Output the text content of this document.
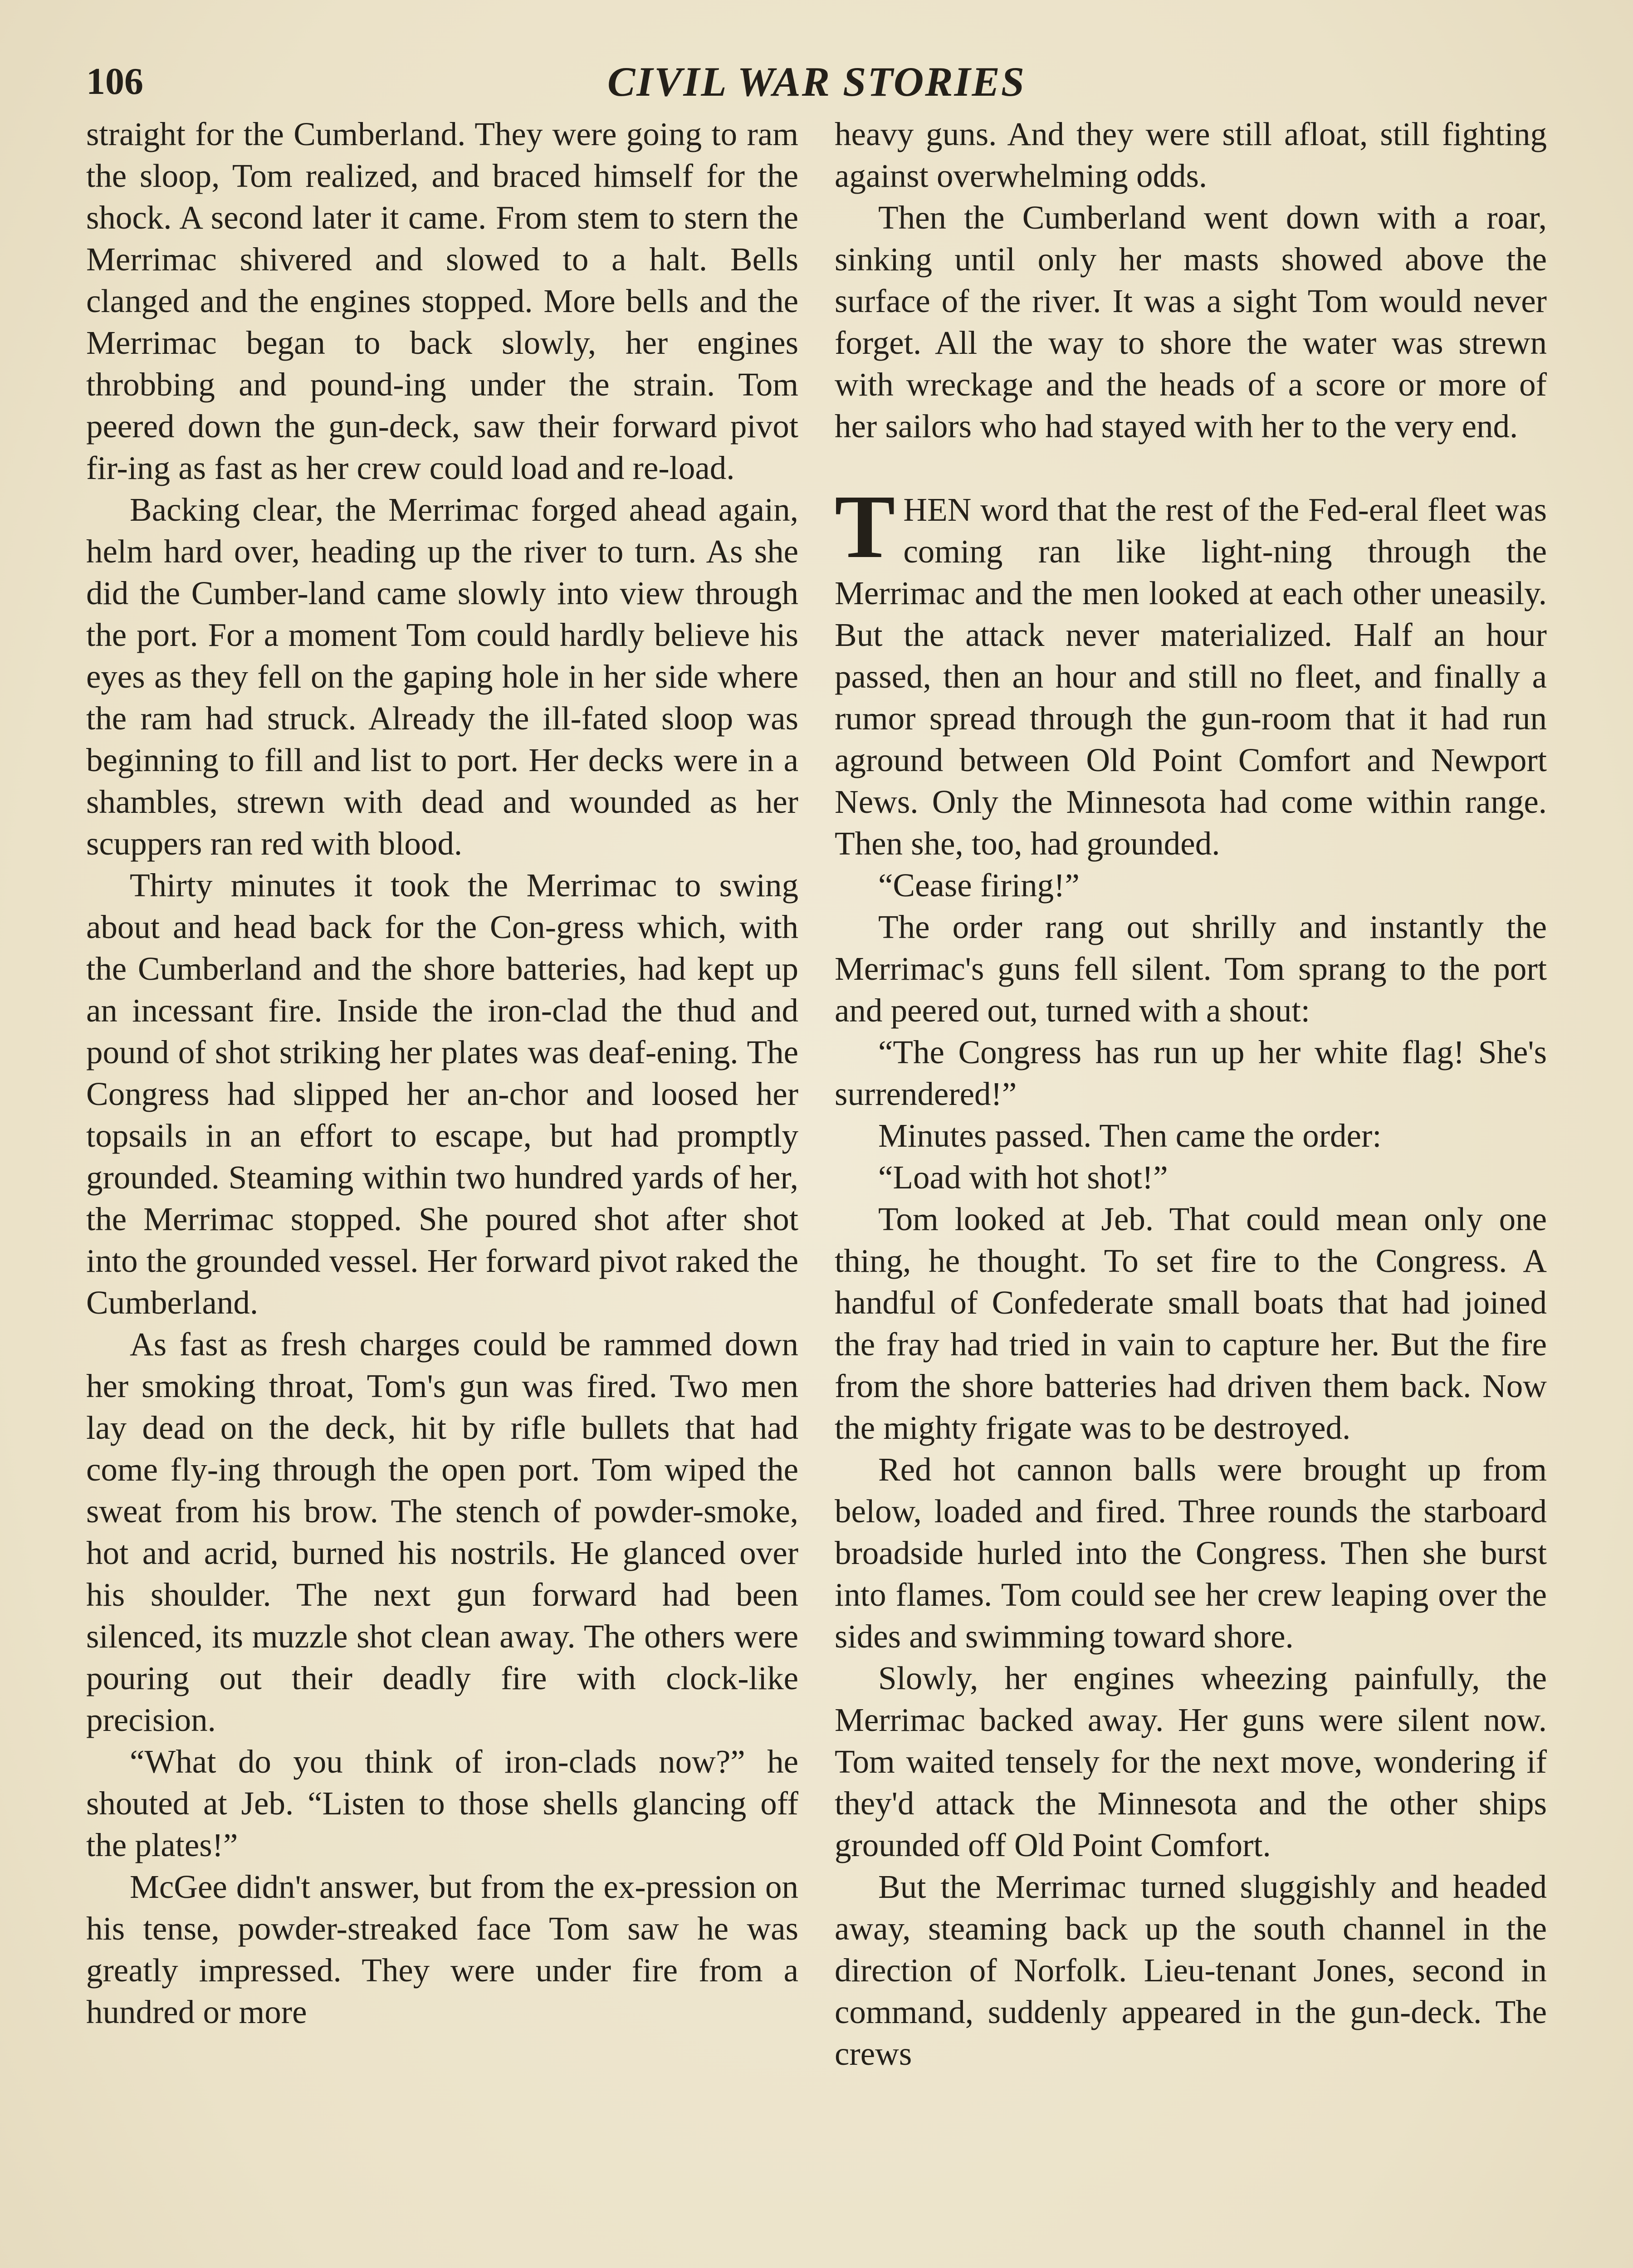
106	CIVIL WAR STORIES

straight for the Cumberland. They were going to ram the sloop, Tom realized, and braced himself for the shock. A second later it came. From stem to stern the Merrimac shivered and slowed to a halt. Bells clanged and the engines stopped. More bells and the Merrimac began to back slowly, her engines throbbing and pound-ing under the strain. Tom peered down the gun-deck, saw their forward pivot fir-ing as fast as her crew could load and re-load.

Backing clear, the Merrimac forged ahead again, helm hard over, heading up the river to turn. As she did the Cumber-land came slowly into view through the port. For a moment Tom could hardly believe his eyes as they fell on the gaping hole in her side where the ram had struck. Already the ill-fated sloop was beginning to fill and list to port. Her decks were in a shambles, strewn with dead and wounded as her scuppers ran red with blood.

Thirty minutes it took the Merrimac to swing about and head back for the Con-gress which, with the Cumberland and the shore batteries, had kept up an incessant fire. Inside the iron-clad the thud and pound of shot striking her plates was deaf-ening. The Congress had slipped her an-chor and loosed her topsails in an effort to escape, but had promptly grounded. Steaming within two hundred yards of her, the Merrimac stopped. She poured shot after shot into the grounded vessel. Her forward pivot raked the Cumberland.

As fast as fresh charges could be rammed down her smoking throat, Tom's gun was fired. Two men lay dead on the deck, hit by rifle bullets that had come fly-ing through the open port. Tom wiped the sweat from his brow. The stench of powder-smoke, hot and acrid, burned his nostrils. He glanced over his shoulder. The next gun forward had been silenced, its muzzle shot clean away. The others were pouring out their deadly fire with clock-like precision.

“What do you think of iron-clads now?” he shouted at Jeb. “Listen to those shells glancing off the plates!”

McGee didn't answer, but from the ex-pression on his tense, powder-streaked face Tom saw he was greatly impressed. They were under fire from a hundred or more

heavy guns. And they were still afloat, still fighting against overwhelming odds.

Then the Cumberland went down with a roar, sinking until only her masts showed above the surface of the river. It was a sight Tom would never forget. All the way to shore the water was strewn with wreckage and the heads of a score or more of her sailors who had stayed with her to the very end.

THEN word that the rest of the Fed-eral fleet was coming ran like light-ning through the Merrimac and the men looked at each other uneasily. But the attack never materialized. Half an hour passed, then an hour and still no fleet, and finally a rumor spread through the gun-room that it had run aground between Old Point Comfort and Newport News. Only the Minnesota had come within range. Then she, too, had grounded.

“Cease firing!”

The order rang out shrilly and instantly the Merrimac's guns fell silent. Tom sprang to the port and peered out, turned with a shout:

“The Congress has run up her white flag! She's surrendered!”

Minutes passed. Then came the order:

“Load with hot shot!”

Tom looked at Jeb. That could mean only one thing, he thought. To set fire to the Congress. A handful of Confederate small boats that had joined the fray had tried in vain to capture her. But the fire from the shore batteries had driven them back. Now the mighty frigate was to be destroyed.

Red hot cannon balls were brought up from below, loaded and fired. Three rounds the starboard broadside hurled into the Congress. Then she burst into flames. Tom could see her crew leaping over the sides and swimming toward shore.

Slowly, her engines wheezing painfully, the Merrimac backed away. Her guns were silent now. Tom waited tensely for the next move, wondering if they'd attack the Minnesota and the other ships grounded off Old Point Comfort.

But the Merrimac turned sluggishly and headed away, steaming back up the south channel in the direction of Norfolk. Lieu-tenant Jones, second in command, suddenly appeared in the gun-deck. The crews
